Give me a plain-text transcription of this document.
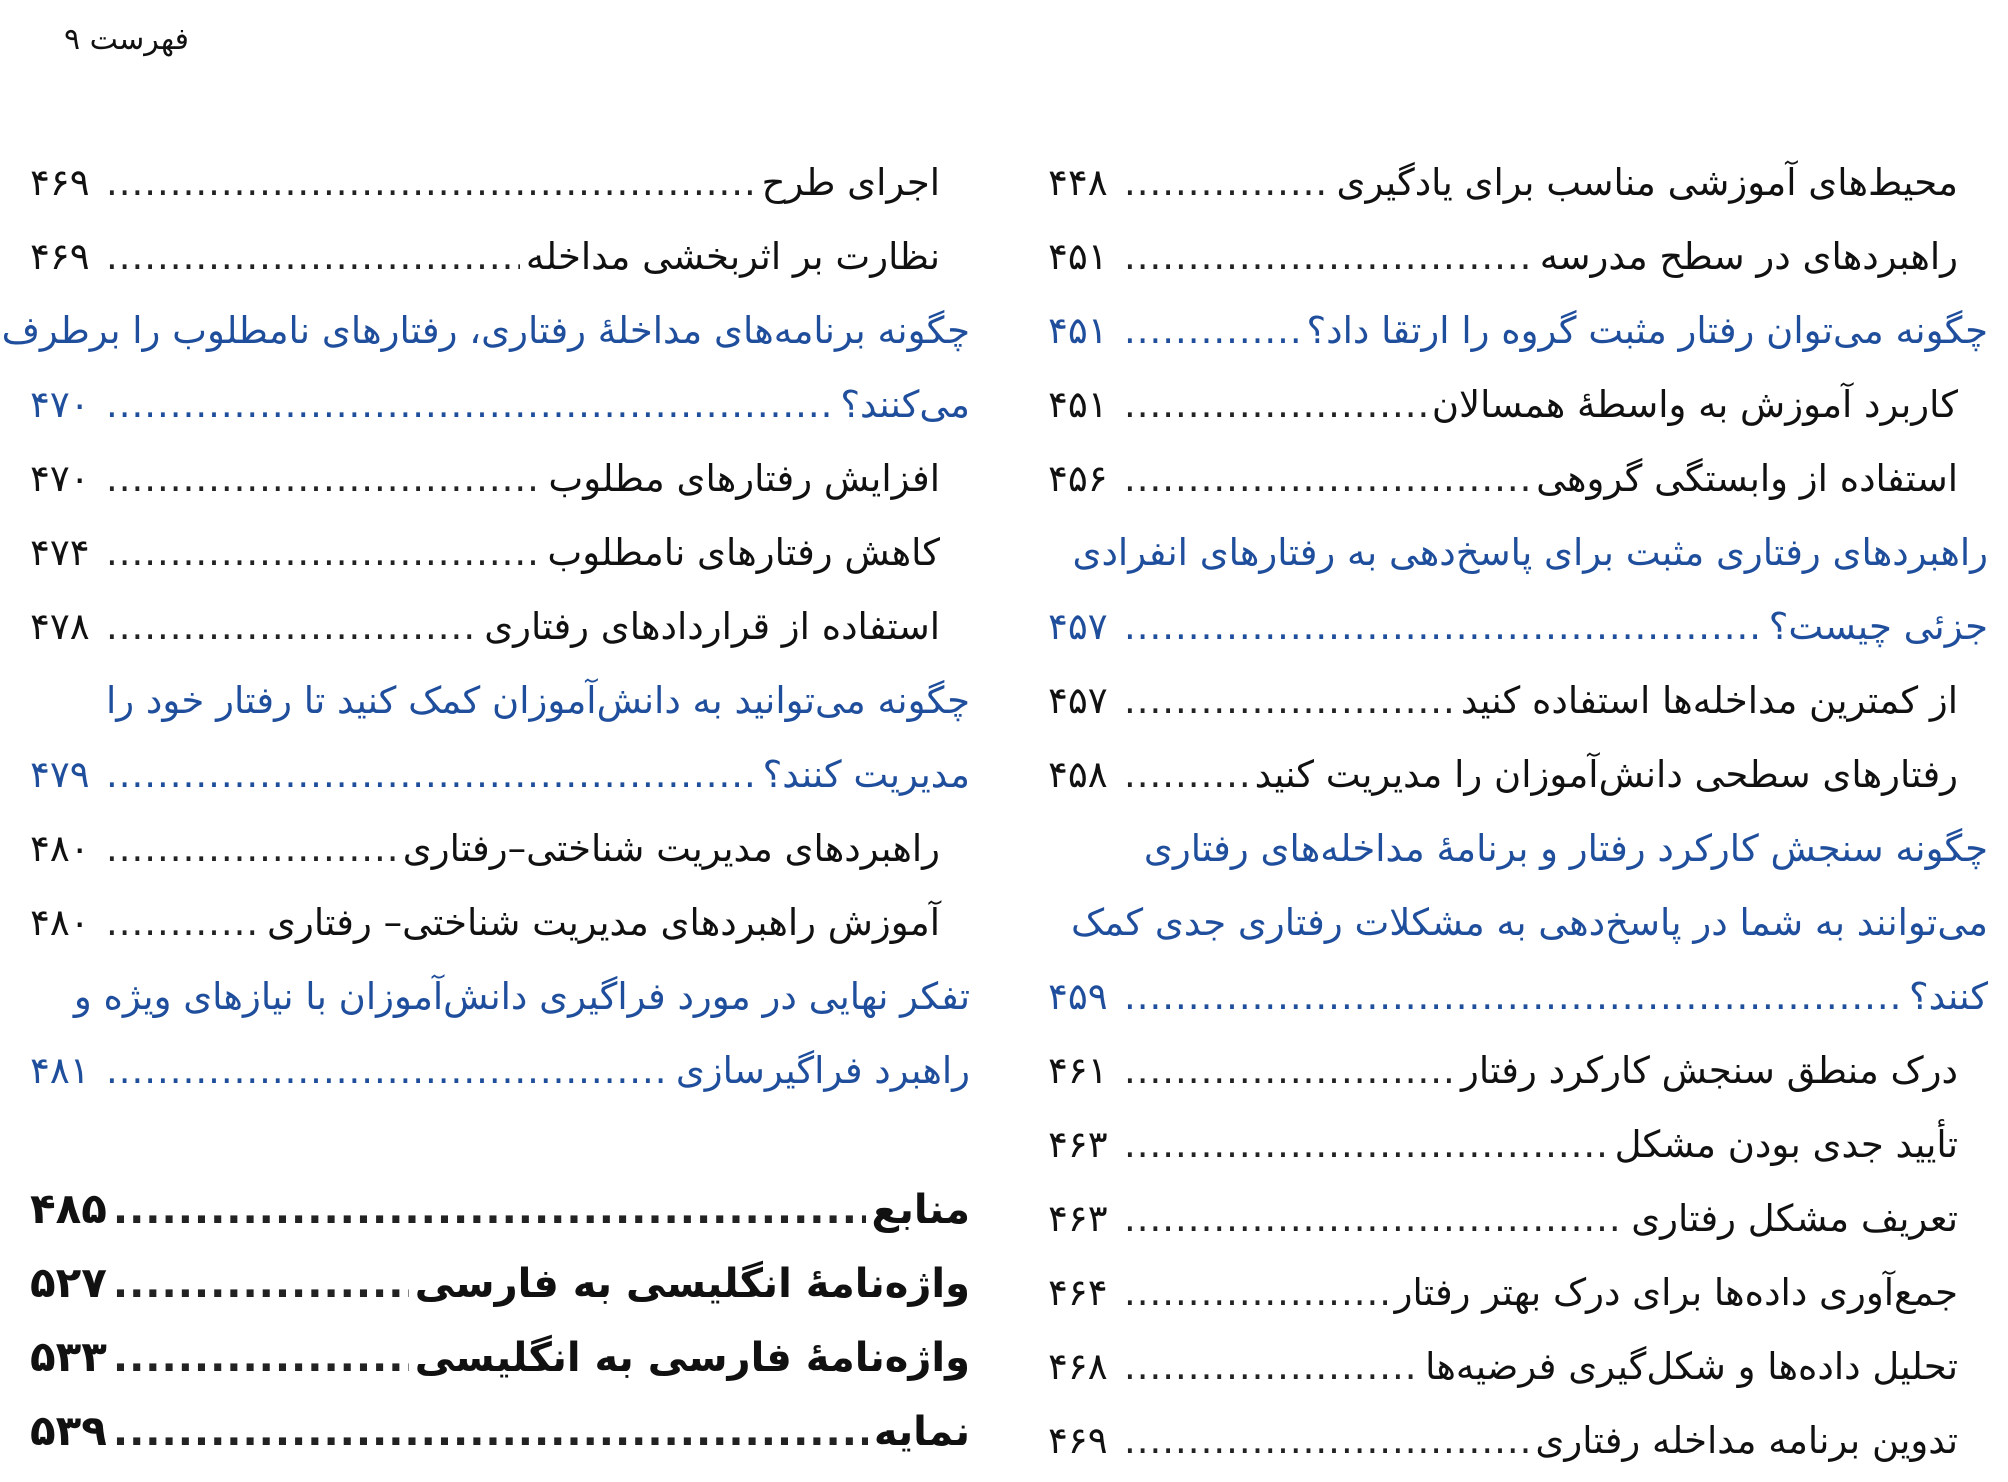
فهرست ۹
محیط‌های آموزشی مناسب برای یادگیری
.....
۴۴۸
راهبردهای در سطح مدرسه
.....
۴۵۱
چگونه می‌توان رفتار مثبت گروه را ارتقا داد؟
.....
۴۵۱
کاربرد آموزش به واسطهٔ همسالان
.....
۴۵۱
استفاده از وابستگی گروهی
.....
۴۵۶
راهبردهای رفتاری مثبت برای پاسخ‌دهی به رفتارهای انفرادی
جزئی چیست؟
.....
۴۵۷
از کمترین مداخله‌ها استفاده کنید
.....
۴۵۷
رفتارهای سطحی دانش‌آموزان را مدیریت کنید
.....
۴۵۸
چگونه سنجش کارکرد رفتار و برنامهٔ مداخله‌های رفتاری
می‌توانند به شما در پاسخ‌دهی به مشکلات رفتاری جدی کمک
کنند؟
.....
۴۵۹
درک منطق سنجش کارکرد رفتار
.....
۴۶۱
تأیید جدی بودن مشکل
.....
۴۶۳
تعریف مشکل رفتاری
.....
۴۶۳
جمع‌آوری داده‌ها برای درک بهتر رفتار
.....
۴۶۴
تحلیل داده‌ها و شکل‌گیری فرضیه‌ها
.....
۴۶۸
تدوین برنامه مداخله رفتاری
.....
۴۶۹
اجرای طرح
.....
۴۶۹
نظارت بر اثربخشی مداخله
.....
۴۶۹
چگونه برنامه‌های مداخلهٔ رفتاری، رفتارهای نامطلوب را برطرف
می‌کنند؟
.....
۴۷۰
افزایش رفتارهای مطلوب
.....
۴۷۰
کاهش رفتارهای نامطلوب
.....
۴۷۴
استفاده از قراردادهای رفتاری
.....
۴۷۸
چگونه می‌توانید به دانش‌آموزان کمک کنید تا رفتار خود را
مدیریت کنند؟
.....
۴۷۹
راهبردهای مدیریت شناختی–رفتاری
.....
۴۸۰
آموزش راهبردهای مدیریت شناختی– رفتاری
.....
۴۸۰
تفکر نهایی در مورد فراگیری دانش‌آموزان با نیازهای ویژه و
راهبرد فراگیرسازی
.....
۴۸۱
منابع
.....
۴۸۵
واژه‌نامهٔ انگلیسی به فارسی
.....
۵۲۷
واژه‌نامهٔ فارسی به انگلیسی
.....
۵۳۳
نمایه
.....
۵۳۹
